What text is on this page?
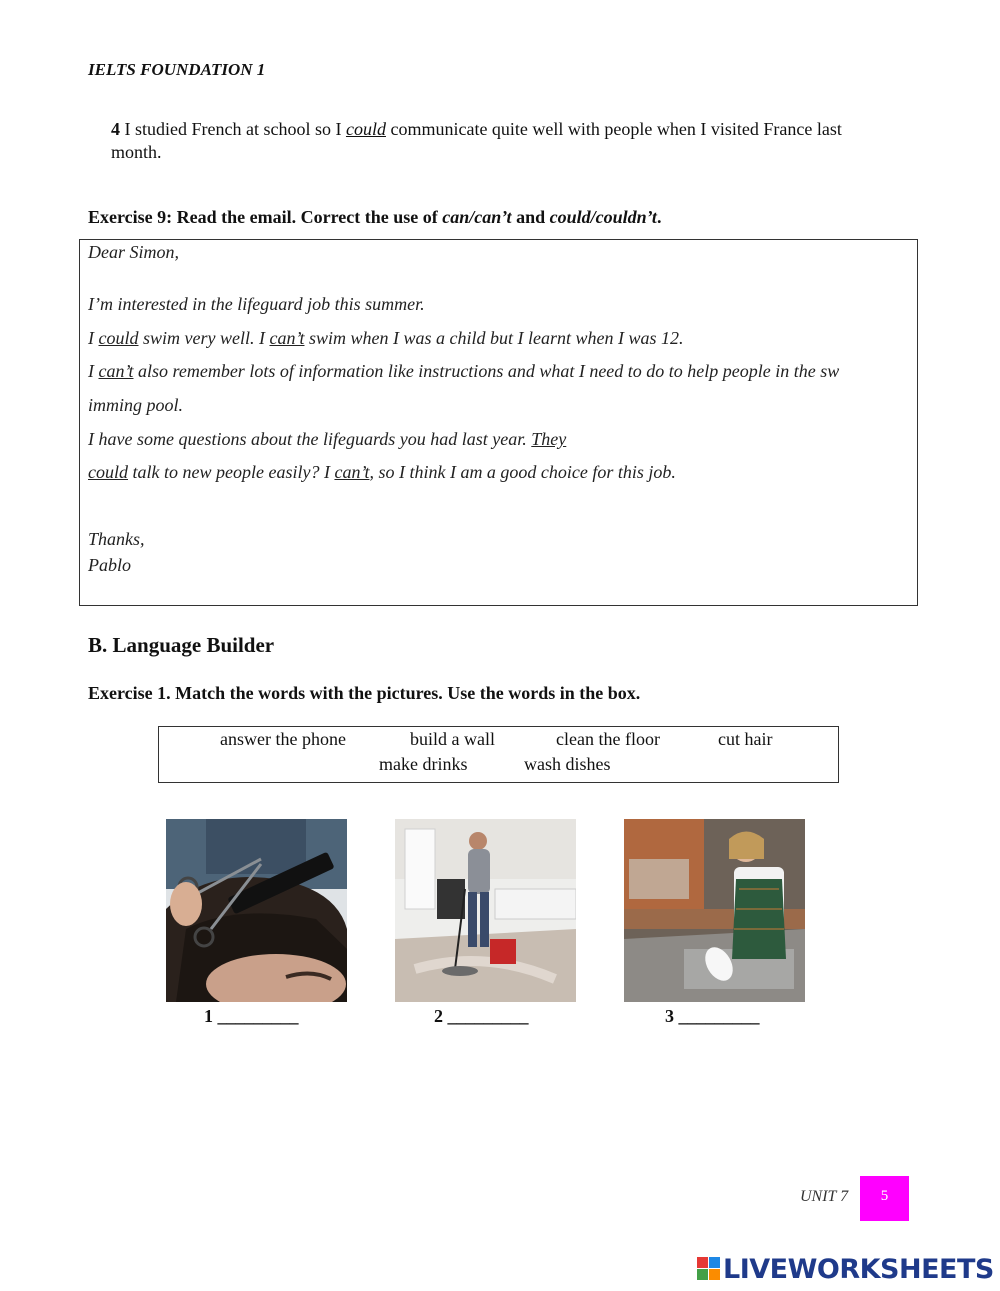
IELTS FOUNDATION 1
4 I studied French at school so I could communicate quite well with people when I visited France last
month.
Exercise 9: Read the email. Correct the use of can/can’t and could/couldn’t.
Dear Simon,
I’m interested in the lifeguard job this summer.
I could swim very well. I can’t swim when I was a child but I learnt when I was 12.
I can’t also remember lots of information like instructions and what I need to do to help people in the sw
imming pool.
I have some questions about the lifeguards you had last year. They
could talk to new people easily? I can’t, so I think I am a good choice for this job.
Thanks,
Pablo
B. Language Builder
Exercise 1. Match the words with the pictures. Use the words in the box.
answer the phone	build a wall	clean the floor	cut hair
make drinks	wash dishes
1 _________	2 _________	3 _________
UNIT 7	5
LIVEWORKSHEETS
